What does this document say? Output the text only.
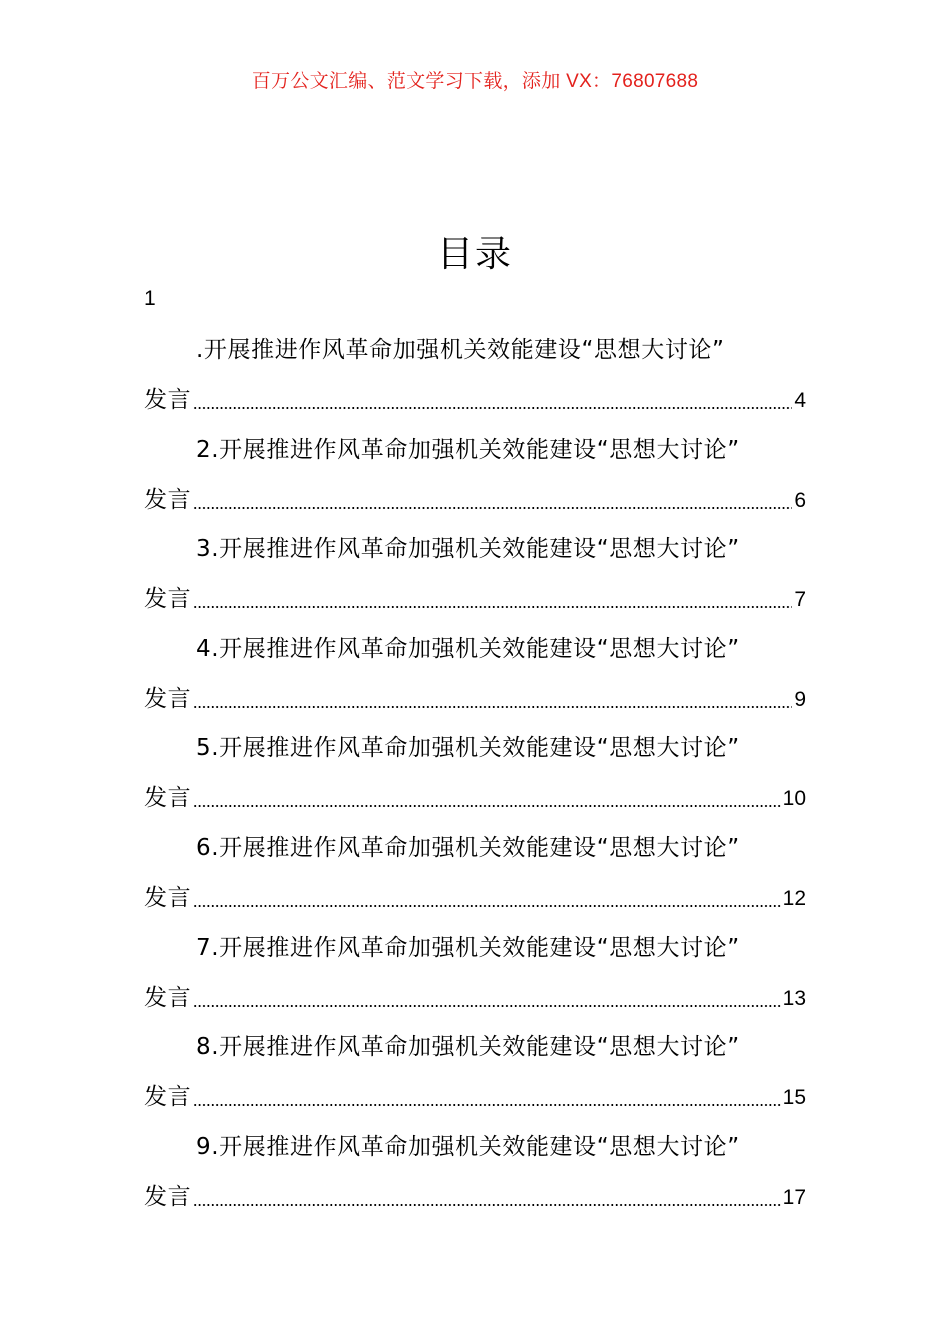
百万公文汇编、范文学习下载，添加 VX：76807688
目录
1
.开展推进作风革命加强机关效能建设“思想大讨论”
发言	4
2.开展推进作风革命加强机关效能建设“思想大讨论”
发言	6
3.开展推进作风革命加强机关效能建设“思想大讨论”
发言	7
4.开展推进作风革命加强机关效能建设“思想大讨论”
发言	9
5.开展推进作风革命加强机关效能建设“思想大讨论”
发言	10
6.开展推进作风革命加强机关效能建设“思想大讨论”
发言	12
7.开展推进作风革命加强机关效能建设“思想大讨论”
发言	13
8.开展推进作风革命加强机关效能建设“思想大讨论”
发言	15
9.开展推进作风革命加强机关效能建设“思想大讨论”
发言	17
